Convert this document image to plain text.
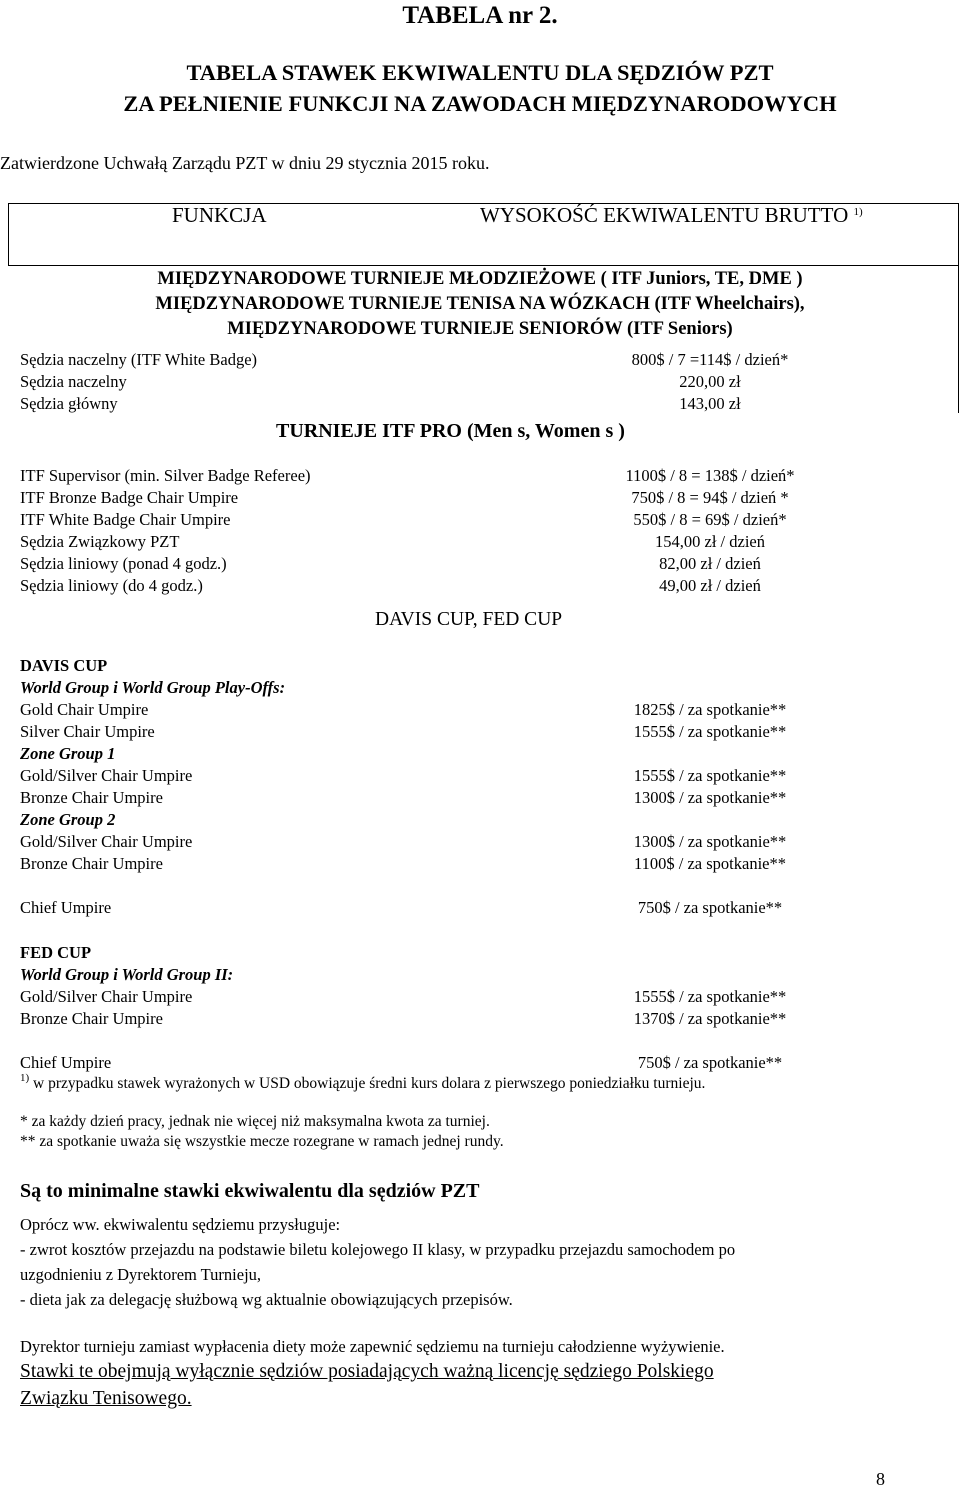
TABELA nr 2.
TABELA STAWEK EKWIWALENTU DLA SĘDZIÓW PZT
ZA PEŁNIENIE FUNKCJI NA ZAWODACH MIĘDZYNARODOWYCH
Zatwierdzone Uchwałą Zarządu PZT w dniu 29 stycznia 2015 roku.
FUNKCJA	WYSOKOŚĆ EKWIWALENTU BRUTTO $^{1)}$
MIĘDZYNARODOWE TURNIEJE MŁODZIEŻOWE ( ITF Juniors, TE, DME )
MIĘDZYNARODOWE TURNIEJE TENISA NA WÓZKACH (ITF Wheelchairs),
MIĘDZYNARODOWE TURNIEJE SENIORÓW (ITF Seniors)
Sędzia naczelny (ITF White Badge)	800$ / 7 =114$ / dzień*
Sędzia naczelny	220,00 zł
Sędzia główny	143,00 zł
TURNIEJE ITF PRO (Men s, Women s )
ITF Supervisor (min. Silver Badge Referee)	1100$ / 8 = 138$ / dzień*
ITF Bronze Badge Chair Umpire	750$ / 8 = 94$ / dzień *
ITF White Badge Chair Umpire	550$ / 8 = 69$ / dzień*
Sędzia Związkowy PZT	154,00 zł / dzień
Sędzia liniowy (ponad 4 godz.)	82,00 zł / dzień
Sędzia liniowy (do 4 godz.)	49,00 zł / dzień
DAVIS CUP, FED CUP
DAVIS CUP
World Group i World Group Play-Offs:
Gold Chair Umpire	1825$ / za spotkanie**
Silver Chair Umpire	1555$ / za spotkanie**
Zone Group 1
Gold/Silver Chair Umpire	1555$ / za spotkanie**
Bronze Chair Umpire	1300$ / za spotkanie**
Zone Group 2
Gold/Silver Chair Umpire	1300$ / za spotkanie**
Bronze Chair Umpire	1100$ / za spotkanie**
Chief Umpire	750$ / za spotkanie**
FED CUP
World Group i World Group II:
Gold/Silver Chair Umpire	1555$ / za spotkanie**
Bronze Chair Umpire	1370$ / za spotkanie**
Chief Umpire	750$ / za spotkanie**
$^{1)}$ w przypadku stawek wyrażonych w USD obowiązuje średni kurs dolara z pierwszego poniedziałku turnieju.
* za każdy dzień pracy, jednak nie więcej niż maksymalna kwota za turniej.
** za spotkanie uważa się wszystkie mecze rozegrane w ramach jednej rundy.
Są to minimalne stawki ekwiwalentu dla sędziów PZT
Oprócz ww. ekwiwalentu sędziemu przysługuje:
- zwrot kosztów przejazdu na podstawie biletu kolejowego II klasy, w przypadku przejazdu samochodem po
uzgodnieniu z Dyrektorem Turnieju,
- dieta jak za delegację służbową wg aktualnie obowiązujących przepisów.
Dyrektor turnieju zamiast wypłacenia diety może zapewnić sędziemu na turnieju całodzienne wyżywienie.
Stawki te obejmują wyłącznie sędziów posiadających ważną licencję sędziego Polskiego
Związku Tenisowego.
8
